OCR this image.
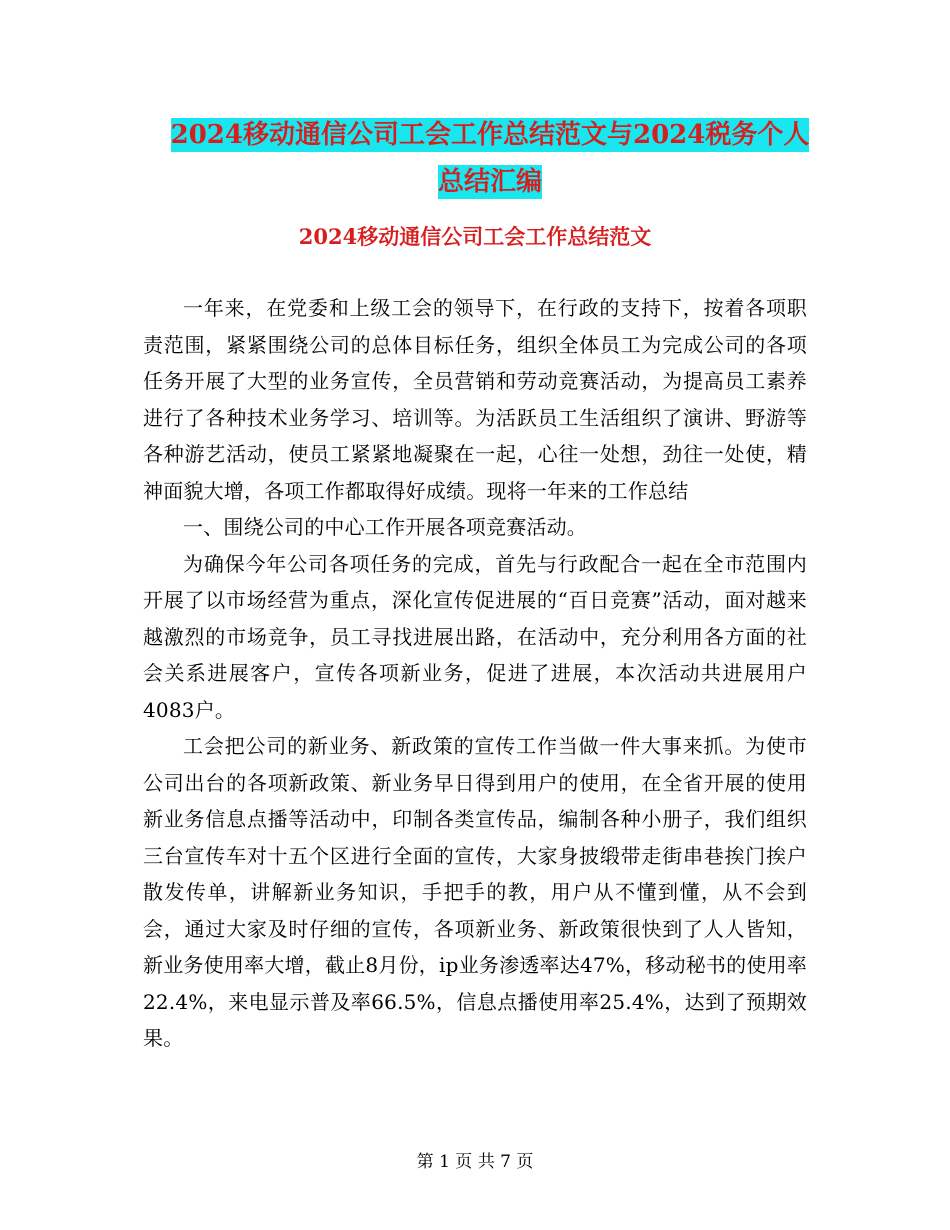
2024移动通信公司工会工作总结范文与2024税务个人
总结汇编
2024移动通信公司工会工作总结范文

一年来，在党委和上级工会的领导下，在行政的支持下，按着各项职责范围，紧紧围绕公司的总体目标任务，组织全体员工为完成公司的各项任务开展了大型的业务宣传，全员营销和劳动竞赛活动，为提高员工素养进行了各种技术业务学习、培训等。为活跃员工生活组织了演讲、野游等各种游艺活动，使员工紧紧地凝聚在一起，心往一处想，劲往一处使，精神面貌大增，各项工作都取得好成绩。现将一年来的工作总结

一、围绕公司的中心工作开展各项竞赛活动。

为确保今年公司各项任务的完成，首先与行政配合一起在全市范围内开展了以市场经营为重点，深化宣传促进展的“百日竞赛”活动，面对越来越激烈的市场竞争，员工寻找进展出路，在活动中，充分利用各方面的社会关系进展客户，宣传各项新业务，促进了进展，本次活动共进展用户4083户。

工会把公司的新业务、新政策的宣传工作当做一件大事来抓。为使市公司出台的各项新政策、新业务早日得到用户的使用，在全省开展的使用新业务信息点播等活动中，印制各类宣传品，编制各种小册子，我们组织三台宣传车对十五个区进行全面的宣传，大家身披缎带走街串巷挨门挨户散发传单，讲解新业务知识，手把手的教，用户从不懂到懂，从不会到会，通过大家及时仔细的宣传，各项新业务、新政策很快到了人人皆知，新业务使用率大增，截止8月份，ip业务渗透率达47%，移动秘书的使用率22.4%，来电显示普及率66.5%，信息点播使用率25.4%，达到了预期效果。

第 1 页 共 7 页
